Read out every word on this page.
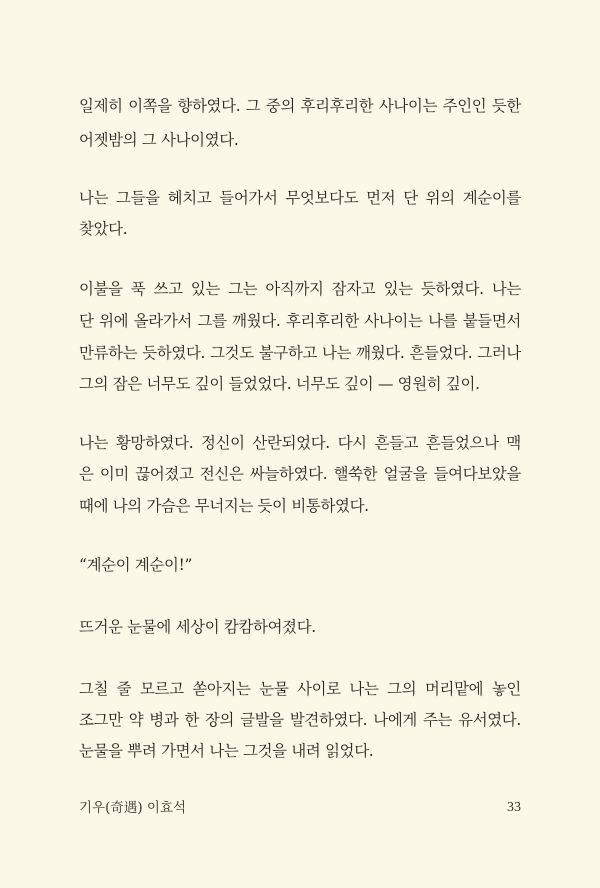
일제히 이쪽을 향하였다. 그 중의 후리후리한 사나이는 주인인 듯한
어젯밤의 그 사나이였다.
나는 그들을 헤치고 들어가서 무엇보다도 먼저 단 위의 계순이를
찾았다.
이불을 푹 쓰고 있는 그는 아직까지 잠자고 있는 듯하였다. 나는
단 위에 올라가서 그를 깨웠다. 후리후리한 사나이는 나를 붙들면서
만류하는 듯하였다. 그것도 불구하고 나는 깨웠다. 흔들었다. 그러나
그의 잠은 너무도 깊이 들었었다. 너무도 깊이 — 영원히 깊이.
나는 황망하였다. 정신이 산란되었다. 다시 흔들고 흔들었으나 맥
은 이미 끊어졌고 전신은 싸늘하였다. 핼쑥한 얼굴을 들여다보았을
때에 나의 가슴은 무너지는 듯이 비통하였다.
“계순이 계순이!”
뜨거운 눈물에 세상이 캄캄하여졌다.
그칠 줄 모르고 쏟아지는 눈물 사이로 나는 그의 머리맡에 놓인
조그만 약 병과 한 장의 글발을 발견하였다. 나에게 주는 유서였다.
눈물을 뿌려 가면서 나는 그것을 내려 읽었다.
기우(奇遇) 이효석	33
